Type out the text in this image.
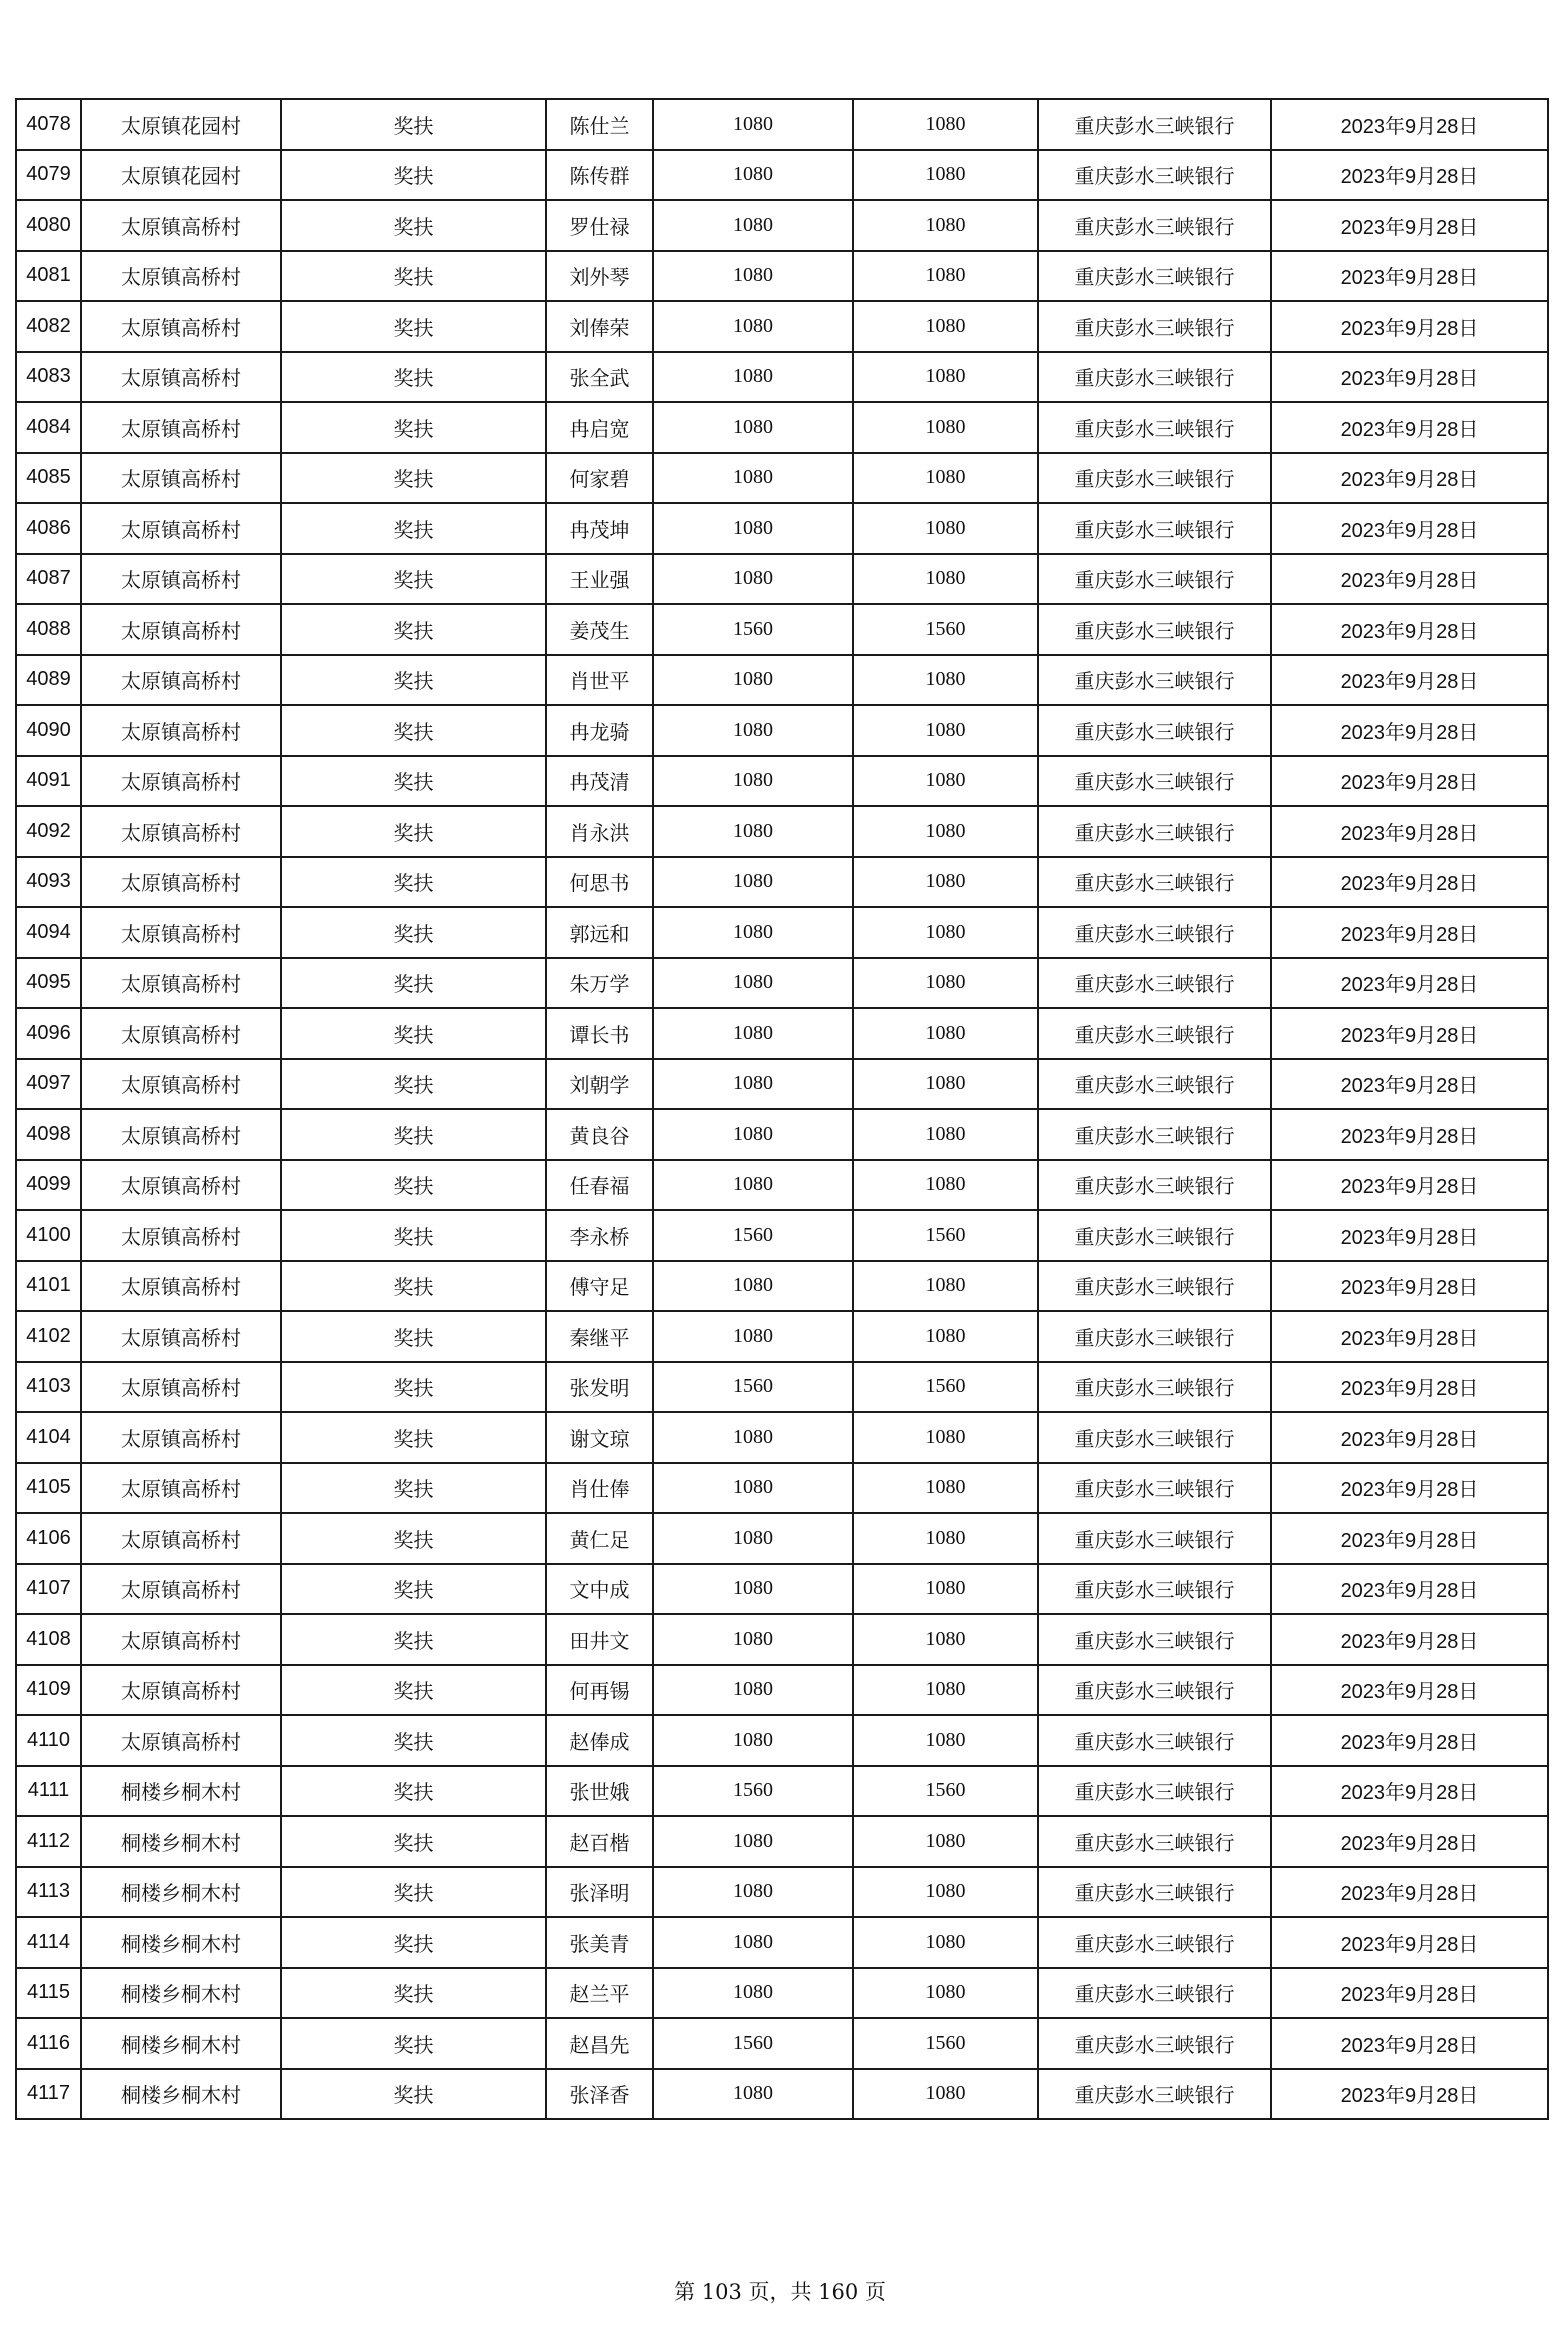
4078	太原镇花园村	奖扶	陈仕兰	1080	1080	重庆彭水三峡银行	2023年9月28日
4079	太原镇花园村	奖扶	陈传群	1080	1080	重庆彭水三峡银行	2023年9月28日
4080	太原镇高桥村	奖扶	罗仕禄	1080	1080	重庆彭水三峡银行	2023年9月28日
4081	太原镇高桥村	奖扶	刘外琴	1080	1080	重庆彭水三峡银行	2023年9月28日
4082	太原镇高桥村	奖扶	刘俸荣	1080	1080	重庆彭水三峡银行	2023年9月28日
4083	太原镇高桥村	奖扶	张全武	1080	1080	重庆彭水三峡银行	2023年9月28日
4084	太原镇高桥村	奖扶	冉启宽	1080	1080	重庆彭水三峡银行	2023年9月28日
4085	太原镇高桥村	奖扶	何家碧	1080	1080	重庆彭水三峡银行	2023年9月28日
4086	太原镇高桥村	奖扶	冉茂坤	1080	1080	重庆彭水三峡银行	2023年9月28日
4087	太原镇高桥村	奖扶	王业强	1080	1080	重庆彭水三峡银行	2023年9月28日
4088	太原镇高桥村	奖扶	姜茂生	1560	1560	重庆彭水三峡银行	2023年9月28日
4089	太原镇高桥村	奖扶	肖世平	1080	1080	重庆彭水三峡银行	2023年9月28日
4090	太原镇高桥村	奖扶	冉龙骑	1080	1080	重庆彭水三峡银行	2023年9月28日
4091	太原镇高桥村	奖扶	冉茂清	1080	1080	重庆彭水三峡银行	2023年9月28日
4092	太原镇高桥村	奖扶	肖永洪	1080	1080	重庆彭水三峡银行	2023年9月28日
4093	太原镇高桥村	奖扶	何思书	1080	1080	重庆彭水三峡银行	2023年9月28日
4094	太原镇高桥村	奖扶	郭远和	1080	1080	重庆彭水三峡银行	2023年9月28日
4095	太原镇高桥村	奖扶	朱万学	1080	1080	重庆彭水三峡银行	2023年9月28日
4096	太原镇高桥村	奖扶	谭长书	1080	1080	重庆彭水三峡银行	2023年9月28日
4097	太原镇高桥村	奖扶	刘朝学	1080	1080	重庆彭水三峡银行	2023年9月28日
4098	太原镇高桥村	奖扶	黄良谷	1080	1080	重庆彭水三峡银行	2023年9月28日
4099	太原镇高桥村	奖扶	任春福	1080	1080	重庆彭水三峡银行	2023年9月28日
4100	太原镇高桥村	奖扶	李永桥	1560	1560	重庆彭水三峡银行	2023年9月28日
4101	太原镇高桥村	奖扶	傅守足	1080	1080	重庆彭水三峡银行	2023年9月28日
4102	太原镇高桥村	奖扶	秦继平	1080	1080	重庆彭水三峡银行	2023年9月28日
4103	太原镇高桥村	奖扶	张发明	1560	1560	重庆彭水三峡银行	2023年9月28日
4104	太原镇高桥村	奖扶	谢文琼	1080	1080	重庆彭水三峡银行	2023年9月28日
4105	太原镇高桥村	奖扶	肖仕俸	1080	1080	重庆彭水三峡银行	2023年9月28日
4106	太原镇高桥村	奖扶	黄仁足	1080	1080	重庆彭水三峡银行	2023年9月28日
4107	太原镇高桥村	奖扶	文中成	1080	1080	重庆彭水三峡银行	2023年9月28日
4108	太原镇高桥村	奖扶	田井文	1080	1080	重庆彭水三峡银行	2023年9月28日
4109	太原镇高桥村	奖扶	何再锡	1080	1080	重庆彭水三峡银行	2023年9月28日
4110	太原镇高桥村	奖扶	赵俸成	1080	1080	重庆彭水三峡银行	2023年9月28日
4111	桐楼乡桐木村	奖扶	张世娥	1560	1560	重庆彭水三峡银行	2023年9月28日
4112	桐楼乡桐木村	奖扶	赵百楷	1080	1080	重庆彭水三峡银行	2023年9月28日
4113	桐楼乡桐木村	奖扶	张泽明	1080	1080	重庆彭水三峡银行	2023年9月28日
4114	桐楼乡桐木村	奖扶	张美青	1080	1080	重庆彭水三峡银行	2023年9月28日
4115	桐楼乡桐木村	奖扶	赵兰平	1080	1080	重庆彭水三峡银行	2023年9月28日
4116	桐楼乡桐木村	奖扶	赵昌先	1560	1560	重庆彭水三峡银行	2023年9月28日
4117	桐楼乡桐木村	奖扶	张泽香	1080	1080	重庆彭水三峡银行	2023年9月28日
第 103 页，共 160 页
